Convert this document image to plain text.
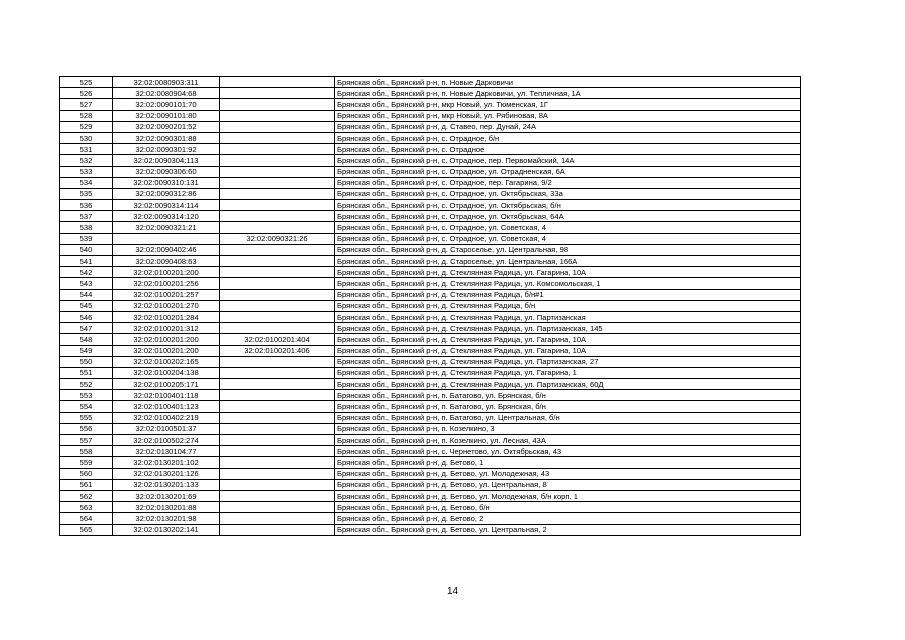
525	32:02:0080903:311		Брянская обл., Брянский р-н, п. Новые Дарковичи
526	32:02:0080904:68		Брянская обл., Брянский р-н, п. Новые Дарковичи, ул. Тепличная, 1А
527	32:02:0090101:70		Брянская обл., Брянский р-н, мкр Новый, ул. Тюменская, 1Г
528	32:02:0090101:80		Брянская обл., Брянский р-н, мкр Новый, ул. Рябиновая, 8А
529	32:02:0090201:52		Брянская обл., Брянский р-н, д. Ставео, пер. Дунай, 24А
530	32:02:0090301:88		Брянская обл., Брянский р-н, с. Отрадное, б/н
531	32:02:0090301:92		Брянская обл., Брянский р-н, с. Отрадное
532	32:02:0090304:113		Брянская обл., Брянский р-н, с. Отрадное, пер. Первомайский, 14А
533	32:02:0090306:60		Брянская обл., Брянский р-н, с. Отрадное, ул. Отрадненская, 6А
534	32:02:0090310:131		Брянская обл., Брянский р-н, с. Отрадное, пер. Гагарина, 9/2
535	32:02:0090312:86		Брянская обл., Брянский р-н, с. Отрадное, ул. Октябрьская, 33а
536	32:02:0090314:114		Брянская обл., Брянский р-н, с. Отрадное, ул. Октябрьская, б/н
537	32:02:0090314:120		Брянская обл., Брянский р-н, с. Отрадное, ул. Октябрьская, 64А
538	32:02:0090321:21		Брянская обл., Брянский р-н, с. Отрадное, ул. Советская, 4
539		32:02:0090321:26	Брянская обл., Брянский р-н, с. Отрадное, ул. Советская, 4
540	32:02:0090402:46		Брянская обл., Брянский р-н, д. Староселье, ул. Центральная, 98
541	32:02:0090408:63		Брянская обл., Брянский р-н, д. Староселье, ул. Центральная, 166А
542	32:02:0100201:200		Брянская обл., Брянский р-н, д. Стеклянная Радица, ул. Гагарина, 10А
543	32:02:0100201:256		Брянская обл., Брянский р-н, д. Стеклянная Радица, ул. Комсомольская, 1
544	32:02:0100201:257		Брянская обл., Брянский р-н, д. Стеклянная Радица, б/н#1
545	32:02:0100201:270		Брянская обл., Брянский р-н, д. Стеклянная Радица, б/н
546	32:02:0100201:284		Брянская обл., Брянский р-н, д. Стеклянная Радица, ул. Партизанская
547	32:02:0100201:312		Брянская обл., Брянский р-н, д. Стеклянная Радица, ул. Партизанская, 145
548	32:02:0100201:200	32:02:0100201:404	Брянская обл., Брянский р-н, д. Стеклянная Радица, ул. Гагарина, 10А
549	32:02:0100201:200	32:02:0100201:406	Брянская обл., Брянский р-н, д. Стеклянная Радица, ул. Гагарина, 10А
550	32:02:0100202:165		Брянская обл., Брянский р-н, д. Стеклянная Радица, ул. Партизанская, 27
551	32:02:0100204:138		Брянская обл., Брянский р-н, д. Стеклянная Радица, ул. Гагарина, 1
552	32:02:0100205:171		Брянская обл., Брянский р-н, д. Стеклянная Радица, ул. Партизанская, 60Д
553	32:02:0100401:118		Брянская обл., Брянский р-н, п. Батагово, ул. Брянская, б/н
554	32:02:0100401:123		Брянская обл., Брянский р-н, п. Батагово, ул. Брянская, б/н
555	32:02:0100402:219		Брянская обл., Брянский р-н, п. Батагово, ул. Центральная, б/н
556	32:02:0100501:37		Брянская обл., Брянский р-н, п. Козелкино, 3
557	32:02:0100502:274		Брянская обл., Брянский р-н, п. Козелкино, ул. Лесная, 43А
558	32:02:0130104:77		Брянская обл., Брянский р-н, с. Чернетово, ул. Октябрьская, 43
559	32:02:0130201:102		Брянская обл., Брянский р-н, д. Бетово, 1
560	32:02:0130201:126		Брянская обл., Брянский р-н, д. Бетово, ул. Молодежная, 43
561	32:02:0130201:133		Брянская обл., Брянский р-н, д. Бетово, ул. Центральная, 8
562	32:02:0130201:69		Брянская обл., Брянский р-н, д. Бетово, ул. Молодежная, б/н корп. 1
563	32:02:0130201:88		Брянская обл., Брянский р-н, д. Бетово, б/н
564	32:02:0130201:98		Брянская обл., Брянский р-н, д. Бетово, 2
565	32:02:0130202:141		Брянская обл., Брянский р-н, д. Бетово, ул. Центральная, 2
14
